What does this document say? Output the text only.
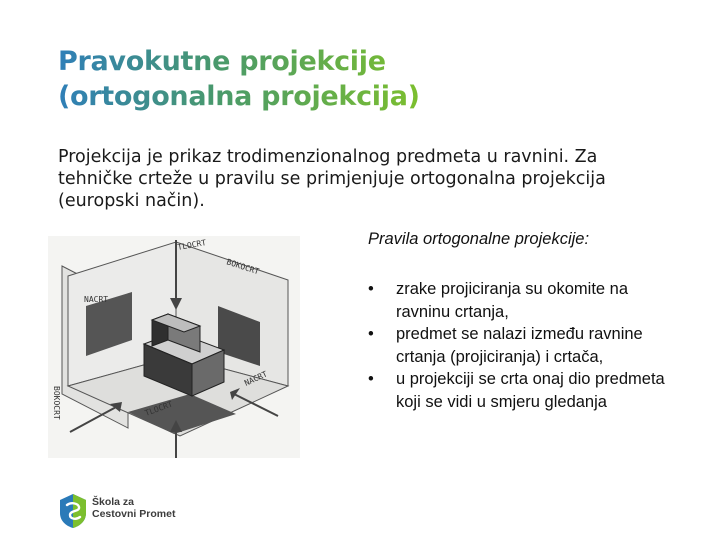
Pravokutne projekcije
(ortogonalna projekcija)

Projekcija je prikaz trodimenzionalnog predmeta u ravnini. Za tehničke crteže u pravilu se primjenjuje ortogonalna projekcija (europski način).

TLOCRT
BOKOCRT
NACRT
BOKOCRT	TLOCRT
NACRT

Pravila ortogonalne projekcije:

• zrake projiciranja su okomite na ravninu crtanja,
• predmet se nalazi između ravnine crtanja (projiciranja) i crtača,
• u projekciji se crta onaj dio predmeta koji se vidi u smjeru gledanja
Škola za
Cestovni Promet
